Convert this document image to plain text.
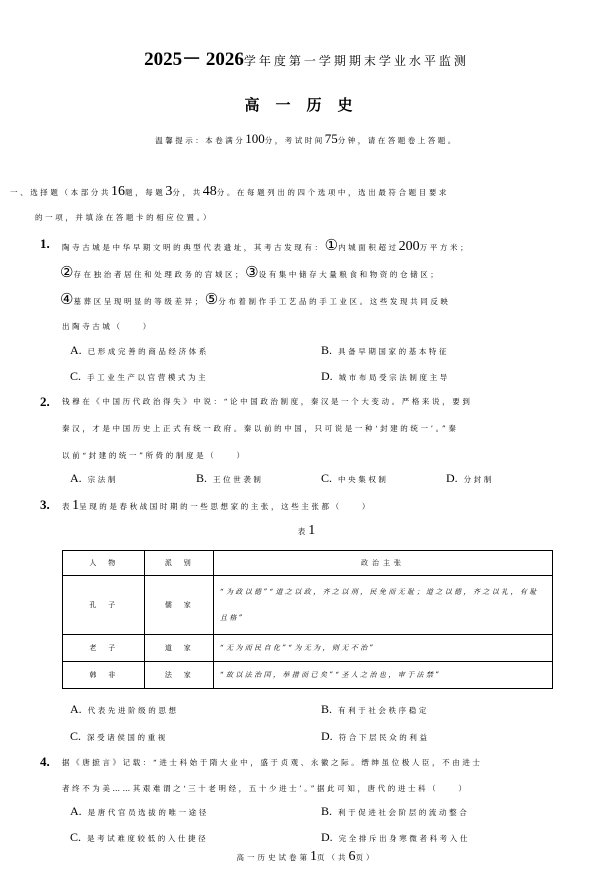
2025－ 2026学年度第一学期期末学业水平监测
高一历史
温馨提示：本卷满分100分，考试时间75分钟，请在答题卷上答题。
一、选择题（本部分共16题，每题3分，共48分。在每题列出的四个选项中，选出最符合题目要求
的一项，并填涂在答题卡的相应位置。）
1. 陶寺古城是中华早期文明的典型代表遗址，其考古发现有：①内城面积超过200万平方米；
②存在独治者居住和处理政务的宫城区；③设有集中储存大量粮食和物资的仓储区；
④墓葬区呈现明显的等级差异；⑤分布着制作手工艺品的手工业区。这些发现共同反映
出陶寺古城（　　）
A. 已形成完善的商品经济体系	B. 具备早期国家的基本特征
C. 手工业生产以官营模式为主	D. 城市布局受宗法制度主导
2. 钱穆在《中国历代政治得失》中说：“论中国政治制度，秦汉是一个大变动。严格来说，要到
秦汉，才是中国历史上正式有统一政府。秦以前的中国，只可说是一种‘封建的统一’。”秦
以前“封建的统一”所倚的制度是（　　）
A. 宗法制	B. 王位世袭制	C. 中央集权制	D. 分封制
3. 表1呈现的是春秋战国时期的一些思想家的主张，这些主张都（　　）
表1
人　物	派　别	政治主张
孔　子	儒　家	“为政以德”“道之以政，齐之以刑，民免而无耻；道之以德，齐之以礼，有耻且格”
老　子	道　家	“无为而民自化”“为无为，则无不治”
韩　非	法　家	“故以法治国，举措而已矣”“圣人之治也，审于法禁”
A. 代表先进阶级的思想	B. 有利于社会秩序稳定
C. 深受诸侯国的重视	D. 符合下层民众的利益
4. 据《唐摭言》记载：“进士科始于隋大业中，盛于贞观、永徽之际。缙绅虽位极人臣，不由进士
者终不为美……其艰难谓之‘三十老明经，五十少进士’。”据此可知，唐代的进士科（　　）
A. 是唐代官员选拔的唯一途径	B. 利于促进社会阶层的流动整合
C. 是考试难度较低的入仕捷径	D. 完全排斥出身寒微者科考入仕
高一历史试卷第1页（共6页）
